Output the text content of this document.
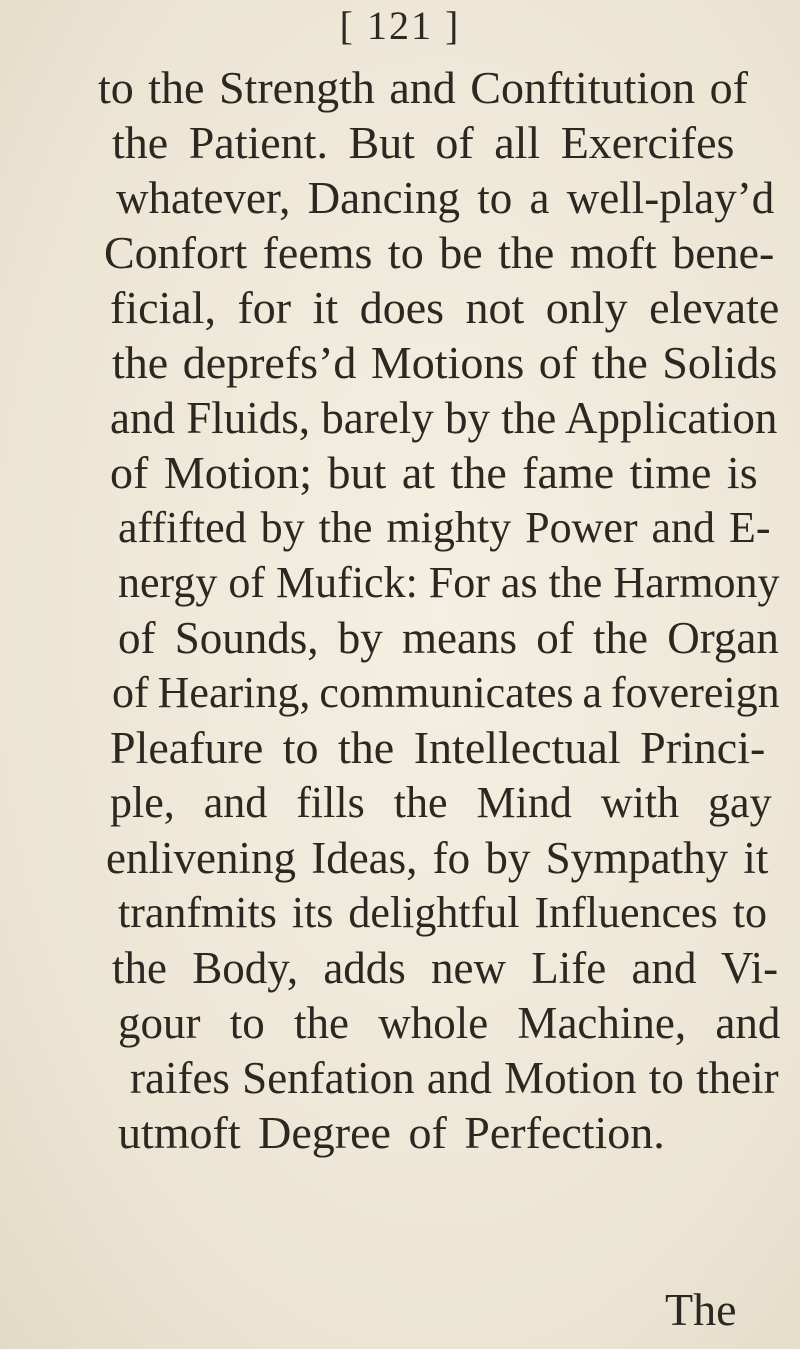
[ 121 ]
to the Strength and Conftitution of
the Patient. But of all Exercifes
whatever, Dancing to a well-play’d
Confort feems to be the moft bene-
ficial, for it does not only elevate
the deprefs’d Motions of the Solids
and Fluids, barely by the Application
of Motion; but at the fame time is
affifted by the mighty Power and E-
nergy of Mufick: For as the Harmony
of Sounds, by means of the Organ
of Hearing, communicates a fovereign
Pleafure to the Intellectual Princi-
ple, and fills the Mind with gay
enlivening Ideas, fo by Sympathy it
tranfmits its delightful Influences to
the Body, adds new Life and Vi-
gour to the whole Machine, and
raifes Senfation and Motion to their
utmoft Degree of Perfection.
The
